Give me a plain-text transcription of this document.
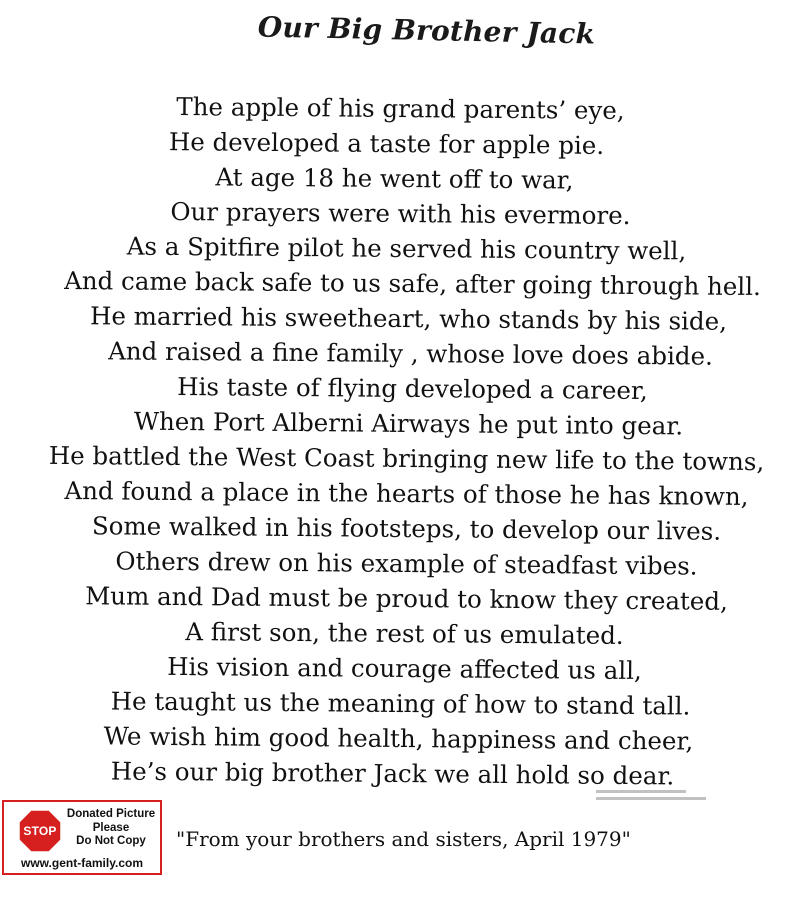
Our Big Brother Jack
The apple of his grand parents’ eye,
He developed a taste for apple pie.
At age 18 he went off to war,
Our prayers were with his evermore.
As a Spitfire pilot he served his country well,
And came back safe to us safe, after going through hell.
He married his sweetheart, who stands by his side,
And raised a fine family , whose love does abide.
His taste of flying developed a career,
When Port Alberni Airways he put into gear.
He battled the West Coast bringing new life to the towns,
And found a place in the hearts of those he has known,
Some walked in his footsteps, to develop our lives.
Others drew on his example of steadfast vibes.
Mum and Dad must be proud to know they created,
A first son, the rest of us emulated.
His vision and courage affected us all,
He taught us the meaning of how to stand tall.
We wish him good health, happiness and cheer,
He’s our big brother Jack we all hold so dear.
"From your brothers and sisters, April 1979"
STOP
Donated Picture
Please
Do Not Copy
www.gent-family.com
